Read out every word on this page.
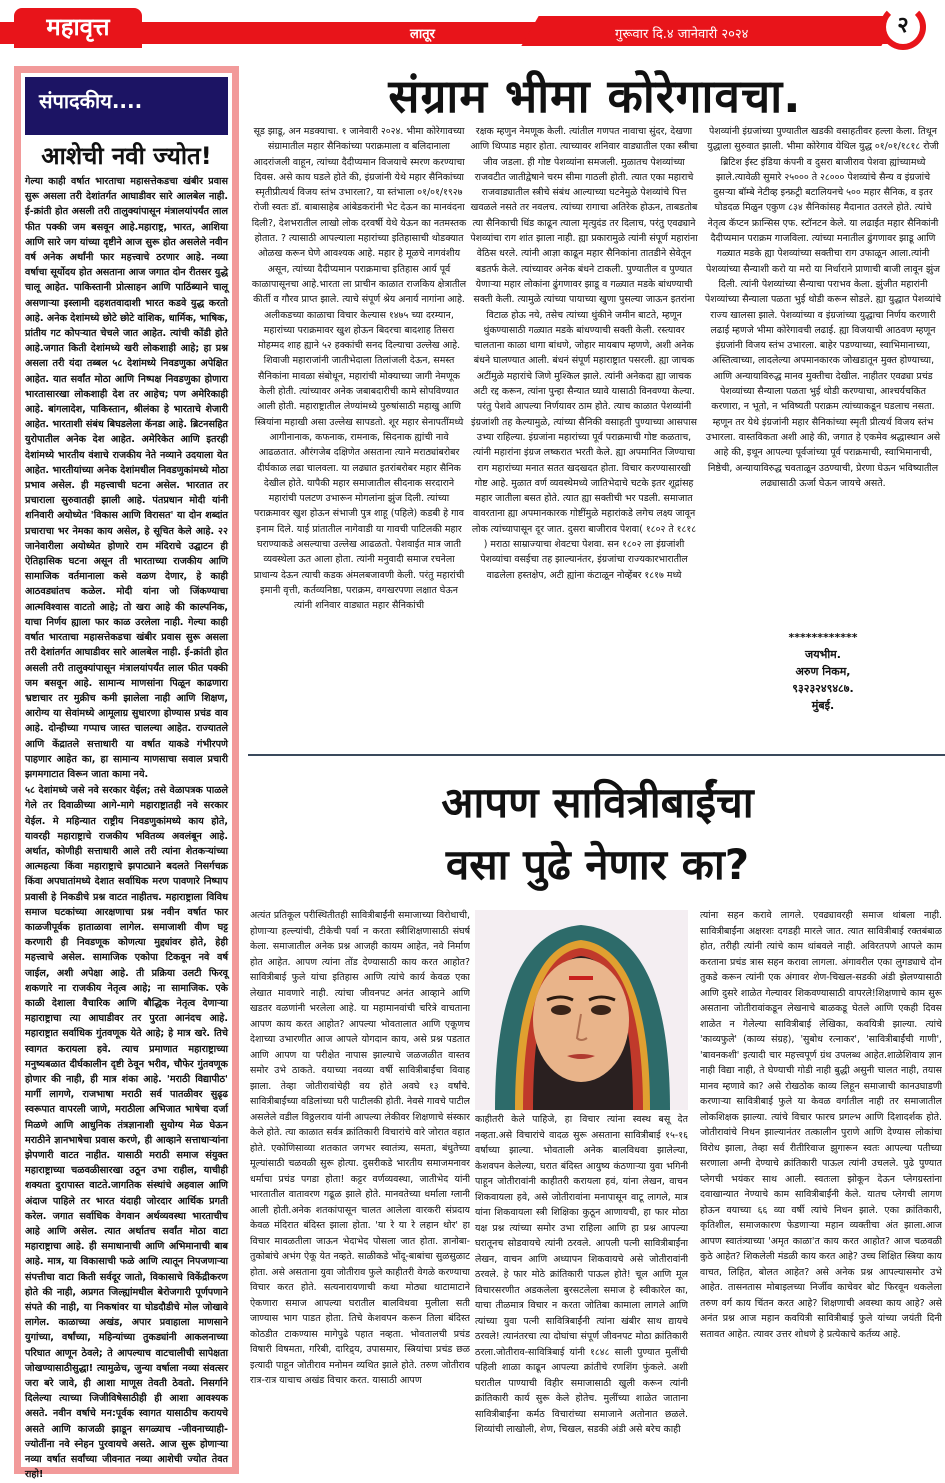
महावृत्त	लातूर	गुरूवार दि.४ जानेवारी २०२४	२
संपादकीय....
आशेची नवी ज्योत!

गेल्या काही वर्षात भारताचा महासत्तेकडचा खंबीर प्रवास सुरू असला तरी देशांतर्गत आघाडीवर सारे आलबेल नाही. ई-क्रांती होत असली तरी तालुक्यांपासून मंत्रालयांपर्यंत लाल फीत पक्की जम बसवून आहे.महाराष्ट्र, भारत, आशिया आणि सारे जग यांच्या दृष्टीने आज सुरू होत असलेले नवीन वर्ष अनेक अर्थांनी फार महत्त्वाचे ठरणार आहे. नव्या वर्षाचा सूर्योदय होत असताना आज जगात दोन रीतसर युद्धे चालू आहेत. पाकिस्तानी प्रोत्साहन आणि पाठिंब्याने चालू असणाऱ्या इस्लामी दहशतवादाशी भारत कडवे युद्ध करतो आहे. अनेक देशांमध्ये छोटे छोटे वांशिक, धार्मिक, भाषिक, प्रांतीय गट कोपऱ्यात चेचले जात आहेत. त्यांची कोंडी होते आहे.जगात किती देशांमध्ये खरी लोकशाही आहे; हा प्रश्न असला तरी यंदा तब्बल ५८ देशांमध्ये निवडणुका अपेक्षित आहेत. यात सर्वांत मोठा आणि निष्पक्ष निवडणुका होणारा भारतासारखा लोकशाही देश तर आहेच; पण अमेरिकाही आहे. बांगलादेश, पाकिस्तान, श्रीलंका हे भारताचे शेजारी आहेत. भारताशी संबंध बिघडलेला कॅनडा आहे. ब्रिटनसहित युरोपातील अनेक देश आहेत. अमेरिकेत आणि इतरही देशांमध्ये भारतीय वंशाचे राजकीय नेते नव्याने उदयाला येत आहेत. भारतीयांच्या अनेक देशांमधील निवडणुकांमध्ये मोठा प्रभाव असेल. ही महत्त्वाची घटना असेल. भारतात तर प्रचाराला सुरुवातही झाली आहे. पंतप्रधान मोदी यांनी शनिवारी अयोध्येत 'विकास आणि विरासत' या दोन शब्दांत प्रचाराचा भर नेमका काय असेल, हे सूचित केले आहे. २२ जानेवारीला अयोध्येत होणारे राम मंदिराचे उद्घाटन ही ऐतिहासिक घटना असून ती भारताच्या राजकीय आणि सामाजिक वर्तमानाला कसे वळण देणार, हे काही आठवड्यांतच कळेल. मोदी यांना जो जिंकण्याचा आत्मविश्वास वाटतो आहे; तो खरा आहे की काल्पनिक, याचा निर्णय ह्याला फार काळ उरलेला नाही. गेल्या काही वर्षात भारताचा महासत्तेकडचा खंबीर प्रवास सुरू असला तरी देशांतर्गत आघाडीवर सारे आलबेल नाही. ई-क्रांती होत असली तरी तालुक्यांपासून मंत्रालयांपर्यंत लाल फीत पक्की जम बसवून आहे. सामान्य माणसांना पिळून काढणारा भ्रष्टाचार तर मुक्रीच कमी झालेला नाही आणि शिक्षण, आरोग्य या सेवांमध्ये आमूलाग्र सुधारणा होण्यास प्रचंड वाव आहे. दोन्हीच्या गप्पाच जास्त चालल्या आहेत. राज्यातले आणि केंद्रातले सत्ताधारी या वर्षात याकडे गंभीरपणे पाहणार आहेत का, हा सामान्य माणसाचा सवाल प्रचारी झगमगाटात विरून जाता कामा नये.

५८ देशांमध्ये जसे नवे सरकार येईल; तसे वेळापत्रक पाळले गेले तर दिवाळीच्या आगे-मागे महाराष्ट्रातही नवे सरकार येईल. मे महिन्यात राष्ट्रीय निवडणुकांमध्ये काय होते, यावरही महाराष्ट्राचे राजकीय भवितव्य अवलंबून आहे. अर्थात, कोणीही सत्ताधारी आले तरी त्यांना शेतकऱ्यांच्या आत्महत्या किंवा महाराष्ट्राचे झपाट्याने बदलते निसर्गचक्र किंवा अपघातांमध्ये देशात सर्वाधिक मरण पावणारे निष्पाप प्रवासी हे निकडीचे प्रश्न वाटत नाहीतच. महाराष्ट्राला विविध समाज घटकांच्या आरक्षणाचा प्रश्न नवीन वर्षात फार काळजीपूर्वक हाताळावा लागेल. समाजाशी वीण घट्ट करणारी ही निवडणूक कोणत्या मुद्द्यांवर होते, हेही महत्त्वाचे असेल. सामाजिक एकोपा टिकवून नवे वर्ष जाईल, अशी अपेक्षा आहे. ती प्रक्रिया उलटी फिरवू शकणारे ना राजकीय नेतृत्व आहे; ना सामाजिक. एके काळी देशाला वैचारिक आणि बौद्धिक नेतृत्व देणाऱ्या महाराष्ट्राचा त्या आघाडीवर तर पुरता आनंदच आहे. महाराष्ट्रात सर्वाधिक गुंतवणूक येते आहे; हे मात्र खरे. तिचे स्वागत करायला हवे. त्याच प्रमाणात महाराष्ट्राच्या मनुष्यबळात दीर्घकालीन दृष्टी ठेवून भरीव, चौफेर गुंतवणूक होणार की नाही, ही मात्र शंका आहे. 'मराठी विद्यापीठ' मार्गी लागणे, राजभाषा मराठी सर्व पातळीवर सुढृढ स्वरूपात वापरली जाणे, मराठीला अभिजात भाषेचा दर्जा मिळणे आणि आधुनिक तंत्रज्ञानाशी सुयोग्य मेळ घेऊन मराठीने ज्ञानभाषेचा प्रवास करणे, ही आव्हाने सत्ताधाऱ्यांना झेपणारी वाटत नाहीत. यासाठी मराठी समाज संयुक्त महाराष्ट्राच्या चळवळीसारखा उठून उभा राहील, याचीही शक्यता दुरापास्त वाटते.जागतिक संस्थांचे अहवाल आणि अंदाज पाहिले तर भारत यंदाही जोरदार आर्थिक प्रगती करेल. जगात सर्वाधिक वेगवान अर्थव्यवस्था भारताचीच आहे आणि असेल. त्यात अर्थातच सर्वांत मोठा वाटा महाराष्ट्राचा आहे. ही समाधानाची आणि अभिमानाची बाब आहे. मात्र, या विकासाची फळे आणि त्यातून निपजणाऱ्या संपत्तीचा वाटा किती सर्वदूर जातो, विकासाचे विकेंद्रीकरण होते की नाही, अप्रगत जिल्ह्यांमधील बेरोजगारी पूर्णपणाने संपते की नाही, या निकषांवर या घोडदौडीचे मोल जोखावे लागेल. काळाच्या अखंड, अपार प्रवाहाला माणसाने युगांच्या, वर्षांच्या, महिन्यांच्या तुकड्यांनी आकलनाच्या परिघात आणून ठेवले; ते आपल्याच वाटचालीची सापेक्षता जोखण्यासाठीसुद्धा! त्यामुळेच, जुन्या वर्षाला नव्या संवत्सर जरा बरे जावे, ही आशा माणूस तेवती ठेवतो. निसर्गाने दिलेल्या त्याच्या जिजीविषेसाठीही ही आशा आवश्यक असते. नवीन वर्षाचे मन:पूर्वक स्वागत यासाठीच करायचे असते आणि काजळी झाडून सगळ्याच -जीवनाच्याही- ज्योतींना नवे स्नेहन पुरवायचे असते. आज सुरू होणाऱ्या नव्या वर्षात सर्वांच्या जीवनात नव्या आशेची ज्योत तेवत राहो!

संग्राम भीमा कोरेगावचा.

सूड झाडू, अन मडक्याचा. १ जानेवारी २०२४. भीमा कोरेगावच्या संग्रामातील महार सैनिकांच्या पराक्रमाला व बलिदानाला आदरांजली वाहून, त्यांच्या दैदीप्यमान विजयाचे स्मरण करण्याचा दिवस. असे काय घडले होते की, इंग्रजांनी येथे महार सैनिकांच्या स्मृतीप्रीत्यर्थ विजय स्तंभ उभारला?, या स्तंभाला ०१/०१/१९२७ रोजी स्वतः डॉ. बाबासाहेब आंबेडकरांनी भेट देऊन का मानवंदना दिली?, देशभरातील लाखो लोक दरवर्षी येथे येऊन का नतमस्तक होतात. ? त्यासाठी आपल्याला महारांच्या इतिहासाची थोडक्यात ओळख करून घेणे आवश्यक आहे. महार हे मूळचे नागवंशीय असून, त्यांच्या दैदीप्यमान पराक्रमाचा इतिहास आर्य पूर्व काळापासूनचा आहे.भारता ला प्राचीन काळात राजकिय क्षेत्रातील कीर्ती व गौरव प्राप्त झाले. त्याचे संपूर्ण श्रेय अनार्य नागांना आहे. अलीकडच्या काळाचा विचार केल्यास १४७५ च्या दरम्यान, महारांच्या पराक्रमावर खुश होऊन बिदरचा बादशाह तिसरा मोहम्मद शाह ह्याने ५२ हक्कांची सनद दिल्याचा उल्लेख आहे. शिवाजी महाराजांनी जातीभेदाला तिलांजली देऊन, समस्त सैनिकांना मावळा संबोधून, महारांची मोक्याच्या जागी नेमणूक केली होती. त्यांच्यावर अनेक जबाबदारीची कामे सोपविण्यात आली होती. महाराष्ट्रातील लेण्यांमध्ये पुरुषांसाठी महाखु आणि स्त्रियांना महाखी असा उल्लेख सापडतो. शूर महार सेनापतींमध्ये आगीनानाक, कफनाक, रामनाक, सिदनाक ह्यांची नावे आढळतात. औरंगजेब दक्षिणेत असताना त्याने मराठ्यांबरोबर दीर्घकाळ लढा चालवला. या लढ्यात इतरांबरोबर महार सैनिक देखील होते. यापैकी महार समाजातील सीदनाक सरदाराने महारांची पलटण उभारून मोगलांना झुंज दिली. त्यांच्या पराक्रमावर खुश होऊन संभाजी पुत्र शाहू (पहिले) कडबी हे गाव इनाम दिले. याई प्रांतातील नागेवाडी या गावची पाटिलकी महार घराण्याकडे असल्याचा उल्लेख आढळतो. पेशवाईत मात्र जाती व्यवस्थेला ऊत आला होता. त्यांनी मनुवादी समाज रचनेला प्राधान्य देऊन त्याची कडक अंमलबजावणी केली. परंतु महारांची इमानी वृत्ती, कर्तव्यनिष्ठा, पराक्रम, वगखरपणा लक्षात घेऊन त्यांनी शनिवार वाड्यात महार सैनिकांची

रक्षक म्हणुन नेमणूक केली. त्यांतील गणपत नावाचा सुंदर, देखणा आणि थिप्पाड महार होता. त्याच्यावर शनिवार वाड्यातील एका स्त्रीचा जीव जडला. ही गोष्ट पेशव्यांना समजली. मुळातच पेशव्यांच्या राजवटीत जातीद्वेषाने चरम सीमा गाठली होती. त्यात एका महाराचे राजवाड्यातील स्त्रीचे संबंध आल्याच्या घटनेमुळे पेशव्यांचे पित्त खवळले नसते तर नवलच. त्यांच्या रागाचा अतिरेक होऊन, ताबडतोब त्या सैनिकाची धिंड काढून त्याला मृत्युदंड तर दिलाच, परंतु एवढ्याने पेशव्यांचा राग शांत झाला नाही. ह्या प्रकारामुळे त्यांनी संपूर्ण महारांना वेठिस धरले. त्यांनी आज्ञा काढून महार सैनिकांना तातडीने सेवेतून बडतर्फ केले. त्यांच्यावर अनेक बंधने टाकली. पुण्यातील व पुण्यात येणाऱ्या महार लोकांना ढुंगणावर झाडू व गळ्यात मडके बांधण्याची सक्ती केली. त्यामुळे त्यांच्या पायाच्या खुणा पुसल्या जाऊन इतरांना विटाळ होऊ नये, तसेच त्यांच्या थुंकीने जमीन बाटते, म्हणून थुंकण्यासाठी गळ्यात मडके बांधण्याची सक्ती केली. रस्त्यावर चालताना काळा धागा बांधणे, जोहार मायबाप म्हणणे, अशी अनेक बंधने घालण्यात आली. बंधनं संपूर्ण महाराष्ट्रात पसरली. ह्या जाचक अटींमुळे महारांचे जिणे मुश्किल झाले. त्यांनी अनेकदा ह्या जाचक अटी रद्द करून, त्यांना पुन्हा सैन्यात घ्यावे यासाठी विनवण्या केल्या. परंतु पेशवे आपल्या निर्णयावर ठाम होते. त्याच काळात पेशव्यांनी इंग्रजांशी तह केल्यामुळे, त्यांच्या सैनिकी वसाहती पुण्याच्या आसपास उभ्या राहिल्या. इंग्रजांना महारांच्या पूर्व पराक्रमाची गोष्ट कळताच, त्यांनी महारांना इंग्रज लष्करात भरती केले. ह्या अपमानित जिण्याचा राग महारांच्या मनात सतत खदखदत होता. विचार करण्यासारखी गोष्ट आहे. मुळात वर्ण व्यवस्थेमध्ये जातिभेदाचे चटके इतर शूद्रांसह महार जातीला बसत होते. त्यात ह्या सक्तीची भर पडली. समाजात वावरताना ह्या अपमानकारक गोष्टींमुळे महारांकडे लगेच लक्ष्य जावून लोक त्यांच्यापासून दूर जात. दुसरा बाजीराव पेशवा( १८०२ ते १८१८ ) मराठा साम्राज्याचा शेवटचा पेशवा. सन १८०२ ला इंग्रजांशी पेशव्यांचा वसईचा तह झाल्यानंतर, इंग्रजांचा राज्यकारभारातील वाढलेला हस्तक्षेप, अटी ह्यांना कंटाळून नोव्हेंबर १८१७ मध्ये

पेशव्यांनी इंग्रजांच्या पुण्यातील खडकी वसाहतीवर हल्ला केला. तिथून युद्धाला सुरुवात झाली. भीमा कोरेगाव येथिल युद्ध ०१/०१/१८१८ रोजी ब्रिटिश ईस्ट इंडिया कंपनी व दुसरा बाजीराव पेशवा ह्यांच्यामध्ये झाले.त्यावेळी सुमारे २५००० ते २८००० पेशव्यांचे सैन्य व इंग्रजांचे दुसऱ्या बॉम्बे नेटीव्ह इन्फ्रट्री बटालियनचे ५०० महार सैनिक, व इतर घोडदळ मिळुन एकुण ८३४ सैनिकांसह मैदानात उतरले होते. त्यांचे नेतृत्व कॅप्टन फ्रान्सिस एफ. स्टॉनटन केले. या लढाईत महार सैनिकांनी दैदीप्यमान पराक्रम गाजविला. त्यांच्या मनातील ढुंगणावर झाडू आणि गळ्यात मडके ह्या पेशव्यांच्या सक्तीचा राग उफाळून आला.त्यांनी पेशव्यांच्या सैन्याशी करो या मरो या निर्धाराने प्राणाची बाजी लावून झुंज दिली. त्यांनी पेशव्यांच्या सैन्याचा पराभव केला. झुंजीत महारांनी पेशव्यांच्या सैन्याला पळता भुई थोडी करून सोडले. ह्या युद्धात पेशव्यांचे राज्य खालसा झाले. पेशव्यांच्या व इंग्रजांच्या युद्धाचा निर्णय करणारी लढाई म्हणजे भीमा कोरेगावची लढाई. ह्या विजयाची आठवण म्हणून इंग्रजांनी विजय स्तंभ उभारला. बाहेर पडण्याच्या, स्वाभिमानाच्या, अस्तित्वाच्या, लादलेल्या अपमानकारक जोखडातून मुक्त होण्याच्या, आणि अन्यायाविरुद्ध मानव मुक्तीचा देखील. नाहीतर एवढ्या प्रचंड पेशव्यांच्या सैन्याला पळता भुई थोडी करण्याचा, आश्चर्यचकित करणारा, न भूतो, न भविष्यती पराक्रम त्यांच्याकडून घडलाच नसता. म्हणून तर येथे इंग्रजांनी महार सैनिकांच्या स्मृती प्रीत्यर्थ विजय स्तंभ उभारला. वास्तविकता अशी आहे की, जगात हे एकमेव श्रद्धास्थान असे आहे की, इथून आपल्या पूर्वजांच्या पूर्व पराक्रमाची, स्वाभिमानाची, निष्ठेची, अन्यायाविरुद्ध चवताळून उठण्याची, प्रेरणा घेऊन भविष्यातील लढ्यासाठी ऊर्जा घेऊन जायचे असते.

************
जयभीम.
अरुण निकम,
९३२३२४९४८७.
मुंबई.
आपण सावित्रीबाईंचा
वसा पुढे नेणार का?

अत्यंत प्रतिकूल परीस्थितीतही सावित्रीबाईंनी समाजाच्या विरोधाची, होणाऱ्या हल्ल्यांची, टीकेची पर्वा न करता स्त्रीशिक्षणासाठी संघर्ष केला. समाजातील अनेक प्रश्न आजही कायम आहेत, नवे निर्माण होत आहेत. आपण त्यांना तोंड देण्यासाठी काय करत आहोत?सावित्रीबाई फुले यांचा इतिहास आणि त्यांचे कार्य केवळ एका लेखात मावणारे नाही. त्यांचा जीवनपट अनंत आव्हाने आणि खडतर वळणांनी भरलेला आहे. या महामानवांची चरित्रे वाचताना आपण काय करत आहोत? आपल्या भोवतालात आणि एकूणच देशाच्या उभारणीत आज आपले योगदान काय, असे प्रश्न पडतात आणि आपण या परीक्षेत नापास झाल्याचे जळजळीत वास्तव समोर उभे ठाकते. वयाच्या नवव्या वर्षी सावित्रीबाईंचा विवाह झाला. तेव्हा जोतीरावांचेही वय होते अवघे १३ वर्षांचे. सावित्रीबाईंच्या वडिलांच्या घरी पाटीलकी होती. नेवसे गावचे पाटील असलेले वडील विठ्ठलराव यांनी आपल्या लेकीवर शिक्षणाचे संस्कार केले होते. त्या काळात सर्वत्र क्रांतिकारी विचारांचे वारे जोरात वहात होते. एकोणिसाव्या शतकात जगभर स्वातंत्र्य, समता, बंधुतेच्या मूल्यांसाठी चळवळी सुरू होत्या. दुसरीकडे भारतीय समाजमनावर धर्माचा प्रचंड पगडा होता! कट्टर वर्णव्यवस्था, जातीभेद यांनी भारतातील वातावरण गढूळ झाले होते. मानवतेच्या धर्माला ग्लानी आली होती.अनेक शतकांपासून चालत आलेला वारकरी संप्रदाय केवळ मंदिरात बंदिस्त झाला होता. 'या रे या रे लहान थोर' हा विचार मावळतीला जाऊन भेदाभेद पोसला जात होता. ज्ञानोबा-तुकोबांचे अभंग ऐकू येत नव्हते. साळीकडे भोंदू-बाबांचा सुळसुळाट होता. असे असताना युवा जोतीराव फुले काहीतरी वेगळे करण्याचा विचार करत होते. सत्यनारायणाची कथा मोठ्या थाटामाटाने ऐकणारा समाज आपल्या घरातील बालविधवा मुलीला सती जाण्यास भाग पाडत होता. तिचे केशवपन करून तिला बंदिस्त कोठडीत टाकण्यास मागेपुढे पहात नव्हता. भोवतालची प्रचंड विषारी विषमता, गरिबी, दारिद्र्य, उपासमार, स्त्रियांचा प्रचंड छळ इत्यादी पाहून जोतीराव मनोमन व्यथित झाले होते. तरुण जोतीराव रात्र-रात्र याचाच अखंड विचार करत. यासाठी आपण

काहीतरी केले पाहिजे, हा विचार त्यांना स्वस्थ बसू देत नव्हता.असे विचारांचे वादळ सुरू असताना सावित्रीबाई १५-१६ वर्षाच्या झाल्या. भोवताली अनेक बालविधवा झालेल्या, केशवपन केलेल्या, घरात बंदिस्त आयुष्य कंठणाऱ्या युवा भगिनी पाहून जोतीरावांनी काहीतरी करायला हवं, यांना लेखन, वाचन शिकवायला हवे, असे जोतीरावांना मनापासून वाटू लागले, मात्र यांना शिकवायला स्त्री शिक्षिका कुठून आणायची, हा फार मोठा यक्ष प्रश्न त्यांच्या समोर उभा राहिला आणि हा प्रश्न आपल्या घरातूनच सोडवायचे त्यांनी ठरवले. आपली पत्नी सावित्रीबाईंना लेखन, वाचन आणि अध्यापन शिकवायचे असे जोतीरावांनी ठरवले. हे फार मोठे क्रांतिकारी पाऊल होते! चूल आणि मूल विचारसरणीत अडकलेला बुरसटलेला समाज हे स्वीकारेल का, याचा तीळमात्र विचार न करता जोतिबा कामाला लागले आणि त्यांच्या युवा पत्नी सावित्रिबाईंनी त्यांना खंबीर साथ द्यायचे ठरवले! त्यानंतरचा त्या दोघांचा संपूर्ण जीवनपट मोठा क्रांतिकारी ठरला.जोतीराव-सावित्रिबाई यांनी १८४८ साली पुण्यात मुलींची पहिली शाळा काढून आपल्या क्रांतीचे रणशिंग फुंकले. अशी घरातील पाण्याची विहीर समाजासाठी खुली करून त्यांनी क्रांतिकारी कार्य सुरू केले होतेच. मुलींच्या शाळेत जाताना सावित्रीबाईंना कर्मठ विचारांच्या समाजाने अतोनात छळले. शिव्यांची लाखोली, शेण, चिखल, सडकी अंडी असे बरेच काही

त्यांना सहन करावे लागले. एवढ्यावरही समाज थांबला नाही. सावित्रीबाईंना अक्षरशः दगडही मारले जात. त्यात सावित्रीबाई रक्तबंबाळ होत, तरीही त्यांनी त्यांचे काम थांबवले नाही. अविरतपणे आपले काम करताना प्रचंड त्रास सहन करावा लागला. अंगावरील एका लुगड्याचे दोन तुकडे करून त्यांनी एक अंगावर शेण-चिखल-सडकी अंडी झेलण्यासाठी आणि दुसरे शाळेत गेल्यावर शिकवण्यासाठी वापरले!शिक्षणाचे काम सुरू असताना जोतीरावांकडून लेखनाचे बाळकडू घेतले आणि एकही दिवस शाळेत न गेलेल्या सावित्रीबाई लेखिका, कवयित्री झाल्या. त्यांचे 'काव्यफुले' (काव्य संग्रह), 'सुबोध रत्नाकर', 'सावित्रीबाईंची गाणी', 'बावनकशी' इत्यादी चार महत्त्वपूर्ण ग्रंथ उपलब्ध आहेत.शाळेशिवाय ज्ञान नाही विद्या नाही, ते घेण्याची गोडी नाही बुद्धी असुनी चालत नाही, तयास मानव म्हणावे का? असे रोखठोक काव्य लिहून समाजाची कानउघाडणी करणाऱ्या सावित्रीबाई फुले या केवळ वर्गातील नाही तर समाजातील लोकशिक्षक झाल्या. त्यांचे विचार फारच प्रगल्भ आणि दिशादर्शक होते. जोतीरावांचे निधन झाल्यानंतर तत्कालीन पुराणे आणि देण्यास लोकांचा विरोध झाला, तेव्हा सर्व रीतीरिवाज झुगारून स्वतः आपल्या पतीच्या सरणाला अग्नी देण्याचे क्रांतिकारी पाऊल त्यांनी उचलले. पुढे पुण्यात प्लेगची भयंकर साथ आली. स्वतःला झोकून देऊन प्लेगग्रस्तांना दवाखान्यात नेण्याचे काम सावित्रीबाईंनी केले. यातच प्लेगची लागण होऊन वयाच्या ६६ व्या वर्षी त्यांचे निधन झाले. एका क्रांतिकारी, कृतिशील, समाजकारण फेडणाऱ्या महान व्यक्तीचा अंत झाला.आज आपण स्वातंत्र्याच्या 'अमृत काळा'त काय करत आहोत? आज चळवळी कुठे आहेत? शिकलेली मंडळी काय करत आहे? उच्च शिक्षित स्त्रिया काय वाचत, लिहित, बोलत आहेत? असे अनेक प्रश्न आपल्यासमोर उभे आहेत. तासनतास मोबाइलच्या निर्जीव काचेवर बोट फिरवून थकलेला तरुण वर्ग काय चिंतन करत आहे? शिक्षणाची अवस्था काय आहे? असे अनंत प्रश्न आज महान कवयित्री सावित्रीबाई फुले यांच्या जयंती दिनी सतावत आहेत. त्यावर उत्तर शोधणे हे प्रत्येकाचे कर्तव्य आहे.
